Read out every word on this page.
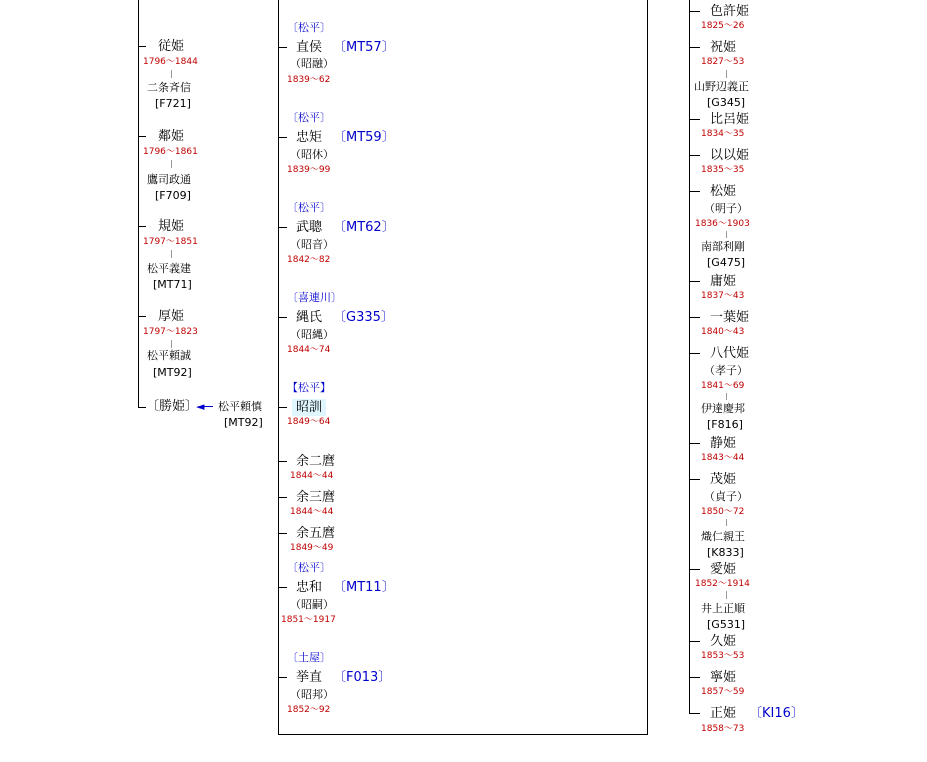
従姫
1796〜1844
二条斉信
[F721]
鄰姫
1796〜1861
鷹司政通
[F709]
規姫
1797〜1851
松平義建
[MT71]
厚姫
1797〜1823
松平頼誠
[MT92]
〔勝姫〕
◄ 松平頼慎
[MT92]
〔松平〕
直侯 〔MT57〕
（昭融）
1839〜62
〔松平〕
忠矩 〔MT59〕
（昭休）
1839〜99
〔松平〕
武聰 〔MT62〕
（昭音）
1842〜82
〔喜連川〕
縄氏 〔G335〕
（昭縄）
1844〜74
【松平】
昭訓
1849〜64
余二麿
1844〜44
余三麿
1844〜44
余五麿
1849〜49
〔松平〕
忠和 〔MT11〕
（昭嗣）
1851〜1917
〔土屋〕
挙直 〔F013〕
（昭邦）
1852〜92
色許姫
1825〜26
祝姫
1827〜53
山野辺義正
[G345]
比呂姫
1834〜35
以以姫
1835〜35
松姫
（明子）
1836〜1903
南部利剛
[G475]
庸姫
1837〜43
一葉姫
1840〜43
八代姫
（孝子）
1841〜69
伊達慶邦
[F816]
静姫
1843〜44
茂姫
（貞子）
1850〜72
熾仁親王
[K833]
愛姫
1852〜1914
井上正順
[G531]
久姫
1853〜53
寧姫
1857〜59
正姫 〔KI16〕
1858〜73
